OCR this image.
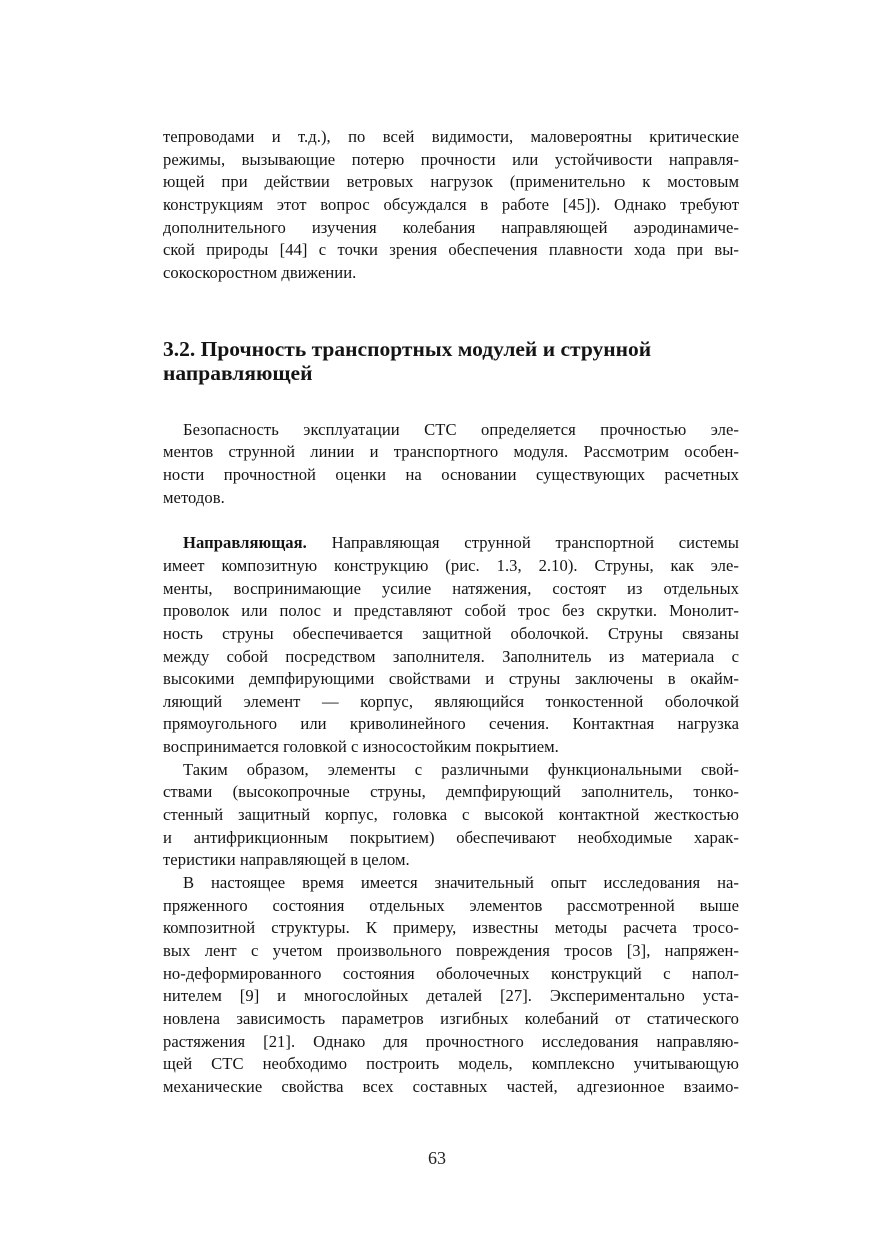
тепроводами и т.д.), по всей видимости, маловероятны критические
режимы, вызывающие потерю прочности или устойчивости направля-
ющей при действии ветровых нагрузок (применительно к мостовым
конструкциям этот вопрос обсуждался в работе [45]). Однако требуют
дополнительного изучения колебания направляющей аэродинамиче-
ской природы [44] с точки зрения обеспечения плавности хода при вы-
сокоскоростном движении.

3.2. Прочность транспортных модулей и струнной
направляющей

Безопасность эксплуатации СТС определяется прочностью эле-
ментов струнной линии и транспортного модуля. Рассмотрим особен-
ности прочностной оценки на основании существующих расчетных
методов.

Направляющая. Направляющая струнной транспортной системы
имеет композитную конструкцию (рис. 1.3, 2.10). Струны, как эле-
менты, воспринимающие усилие натяжения, состоят из отдельных
проволок или полос и представляют собой трос без скрутки. Монолит-
ность струны обеспечивается защитной оболочкой. Струны связаны
между собой посредством заполнителя. Заполнитель из материала с
высокими демпфирующими свойствами и струны заключены в окайм-
ляющий элемент — корпус, являющийся тонкостенной оболочкой
прямоугольного или криволинейного сечения. Контактная нагрузка
воспринимается головкой с износостойким покрытием.

Таким образом, элементы с различными функциональными свой-
ствами (высокопрочные струны, демпфирующий заполнитель, тонко-
стенный защитный корпус, головка с высокой контактной жесткостью
и антифрикционным покрытием) обеспечивают необходимые харак-
теристики направляющей в целом.

В настоящее время имеется значительный опыт исследования на-
пряженного состояния отдельных элементов рассмотренной выше
композитной структуры. К примеру, известны методы расчета тросо-
вых лент с учетом произвольного повреждения тросов [3], напряжен-
но-деформированного состояния оболочечных конструкций с напол-
нителем [9] и многослойных деталей [27]. Экспериментально уста-
новлена зависимость параметров изгибных колебаний от статического
растяжения [21]. Однако для прочностного исследования направляю-
щей СТС необходимо построить модель, комплексно учитывающую
механические свойства всех составных частей, адгезионное взаимо-

63
